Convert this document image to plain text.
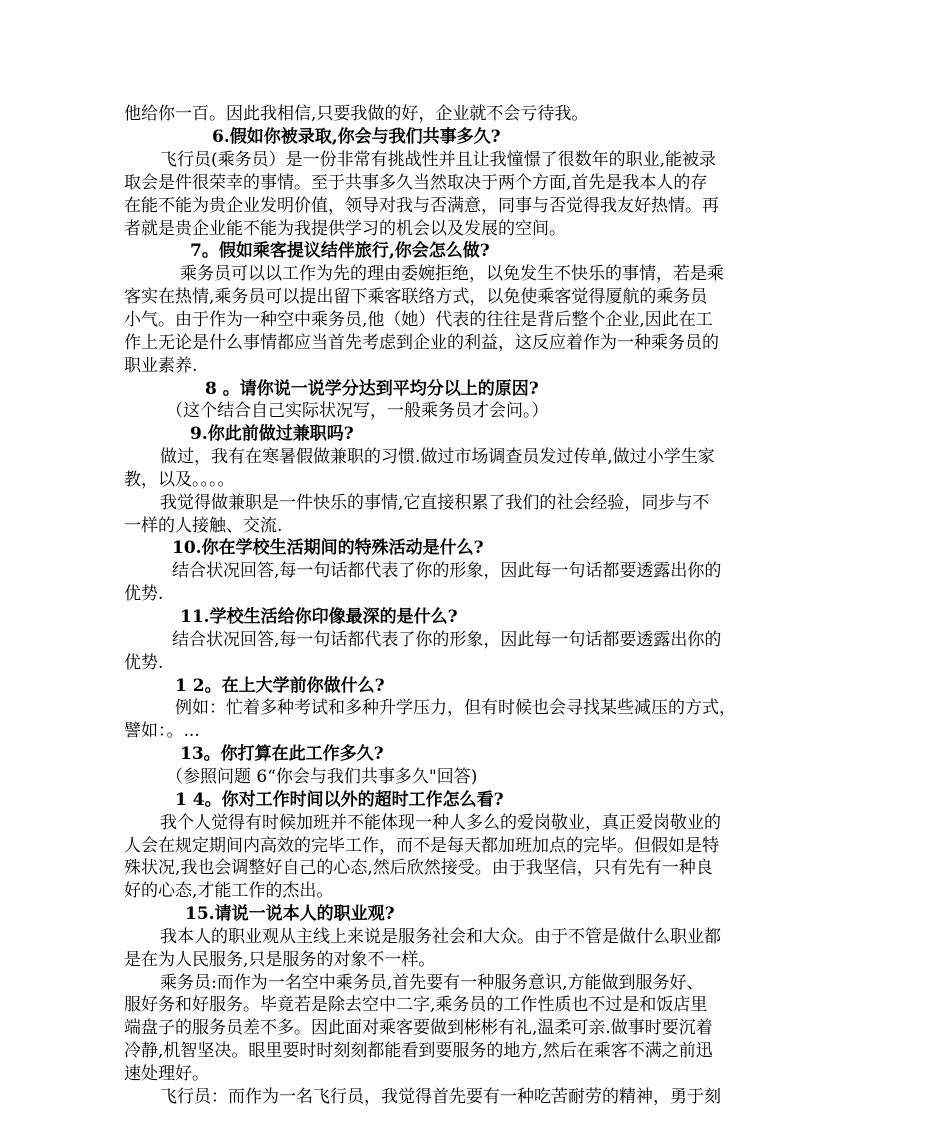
他给你一百。因此我相信,只要我做的好，企业就不会亏待我。
6.假如你被录取,你会与我们共事多久?
飞行员(乘务员）是一份非常有挑战性并且让我憧憬了很数年的职业,能被录
取会是件很荣幸的事情。至于共事多久当然取决于两个方面,首先是我本人的存
在能不能为贵企业发明价值，领导对我与否满意，同事与否觉得我友好热情。再
者就是贵企业能不能为我提供学习的机会以及发展的空间。
7。假如乘客提议结伴旅行,你会怎么做?
乘务员可以以工作为先的理由委婉拒绝，以免发生不快乐的事情，若是乘
客实在热情,乘务员可以提出留下乘客联络方式，以免使乘客觉得厦航的乘务员
小气。由于作为一种空中乘务员,他（她）代表的往往是背后整个企业,因此在工
作上无论是什么事情都应当首先考虑到企业的利益，这反应着作为一种乘务员的
职业素养.
8 。请你说一说学分达到平均分以上的原因?
（这个结合自己实际状况写，一般乘务员才会问。）
9.你此前做过兼职吗?
做过，我有在寒暑假做兼职的习惯.做过市场调查员发过传单,做过小学生家
教，以及。。。。
我觉得做兼职是一件快乐的事情,它直接积累了我们的社会经验，同步与不
一样的人接触、交流.
10.你在学校生活期间的特殊活动是什么?
结合状况回答,每一句话都代表了你的形象，因此每一句话都要透露出你的
优势.
11.学校生活给你印像最深的是什么?
结合状况回答,每一句话都代表了你的形象，因此每一句话都要透露出你的
优势.
1 2。在上大学前你做什么?
例如：忙着多种考试和多种升学压力，但有时候也会寻找某些减压的方式，
譬如：。...
13。你打算在此工作多久?
（参照问题 6“你会与我们共事多久"回答)
1 4。你对工作时间以外的超时工作怎么看?
我个人觉得有时候加班并不能体现一种人多么的爱岗敬业，真正爱岗敬业的
人会在规定期间内高效的完毕工作，而不是每天都加班加点的完毕。但假如是特
殊状况,我也会调整好自己的心态,然后欣然接受。由于我坚信，只有先有一种良
好的心态,才能工作的杰出。
15.请说一说本人的职业观?
我本人的职业观从主线上来说是服务社会和大众。由于不管是做什么职业都
是在为人民服务,只是服务的对象不一样。
乘务员:而作为一名空中乘务员,首先要有一种服务意识,方能做到服务好、
服好务和好服务。毕竟若是除去空中二字,乘务员的工作性质也不过是和饭店里
端盘子的服务员差不多。因此面对乘客要做到彬彬有礼,温柔可亲.做事时要沉着
冷静,机智坚决。眼里要时时刻刻都能看到要服务的地方,然后在乘客不满之前迅
速处理好。
飞行员：而作为一名飞行员，我觉得首先要有一种吃苦耐劳的精神，勇于刻
